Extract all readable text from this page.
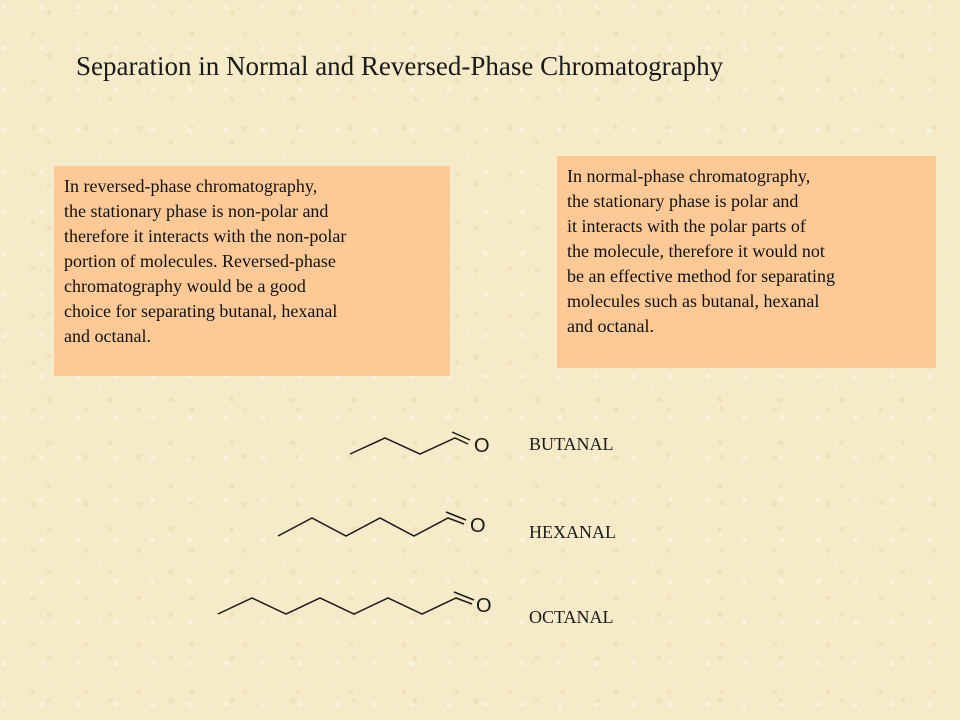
Separation in Normal and Reversed-Phase Chromatography
In reversed-phase chromatography,
the stationary phase is non-polar and
therefore it interacts with the non-polar
portion of molecules. Reversed-phase
chromatography would be a good
choice for separating butanal, hexanal
and octanal.
In normal-phase chromatography,
the stationary phase is polar and
it interacts with the polar parts of
the molecule, therefore it would not
be an effective method for separating
molecules such as butanal, hexanal
and octanal.
O BUTANAL
O HEXANAL
O OCTANAL
